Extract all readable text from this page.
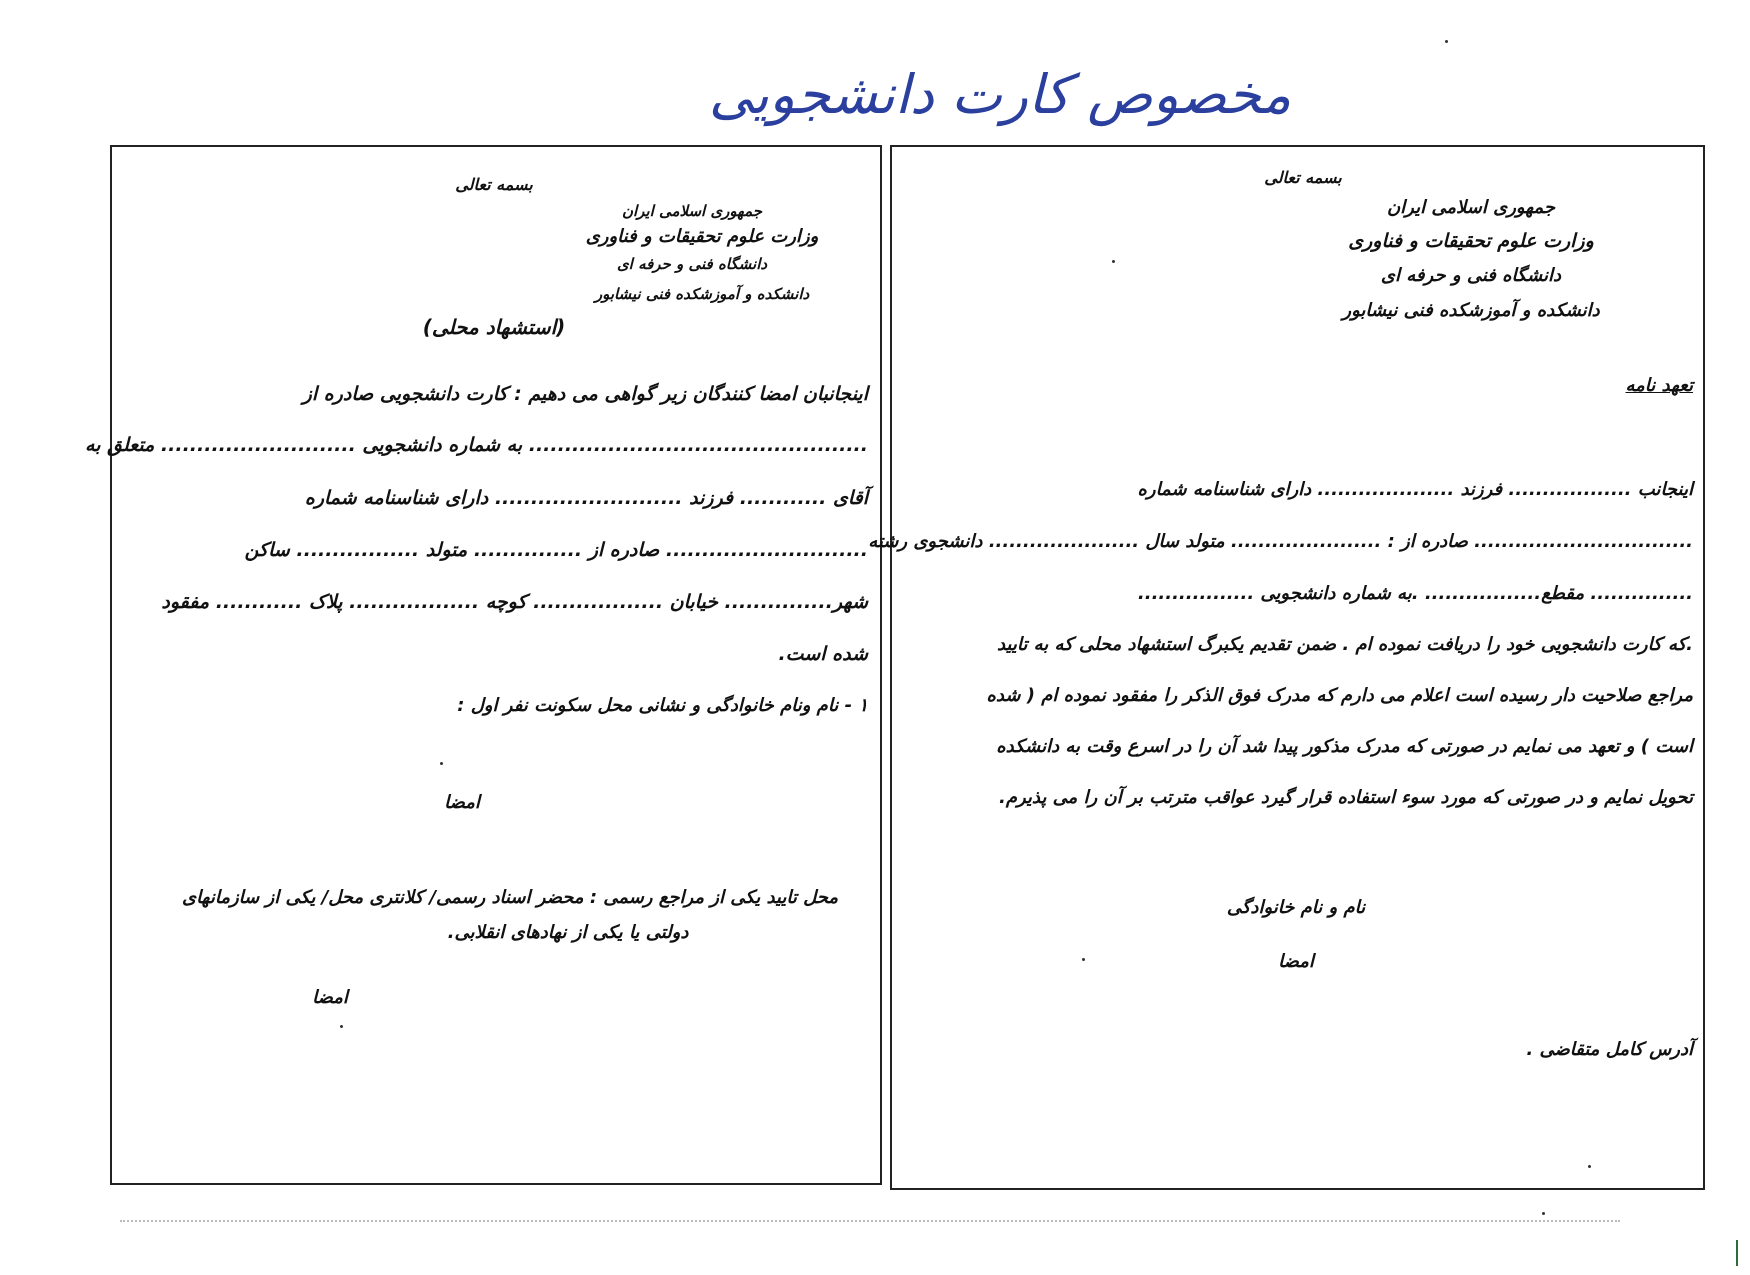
مخصوص کارت دانشجویی
بسمه تعالی
جمهوری اسلامی ایران
وزارت علوم تحقیقات و فناوری
دانشگاه فنی و حرفه ای
دانشکده و آموزشکده فنی نیشابور
(استشهاد محلی)
اینجانبان امضا کنندگان زیر گواهی می دهیم : کارت دانشجویی صادره از
............................................... به شماره دانشجویی ........................... متعلق به
آقای ............ فرزند .......................... دارای شناسنامه شماره
............................ صادره از ............... متولد ................. ساکن
شهر............... خیابان .................. کوچه .................. پلاک ............ مفقود
شده است.
۱ - نام ونام خانوادگی و نشانی محل سکونت نفر اول :
امضا
محل تایید یکی از مراجع رسمی : محضر اسناد رسمی/ کلانتری محل/ یکی از سازمانهای
دولتی یا یکی از نهادهای انقلابی.
امضا
بسمه تعالی
جمهوری اسلامی ایران
وزارت علوم تحقیقات و فناوری
دانشگاه فنی و حرفه ای
دانشکده و آموزشکده فنی نیشابور
تعهد نامه
اینجانب .................. فرزند .................... دارای شناسنامه شماره
................................ صادره از : ...................... متولد سال ...................... دانشجوی رشته
............... مقطع................. .به شماره دانشجویی .................
.که کارت دانشجویی خود را دریافت نموده ام . ضمن تقدیم یکبرگ استشهاد محلی که به تایید
مراجع صلاحیت دار رسیده است اعلام می دارم که مدرک فوق الذکر را مفقود نموده ام ( شده
است ) و تعهد می نمایم در صورتی که مدرک مذکور پیدا شد آن را در اسرع وقت به دانشکده
تحویل نمایم و در صورتی که مورد سوء استفاده قرار گیرد عواقب مترتب بر آن را می پذیرم.
نام و نام خانوادگی
امضا
آدرس کامل متقاضی .
